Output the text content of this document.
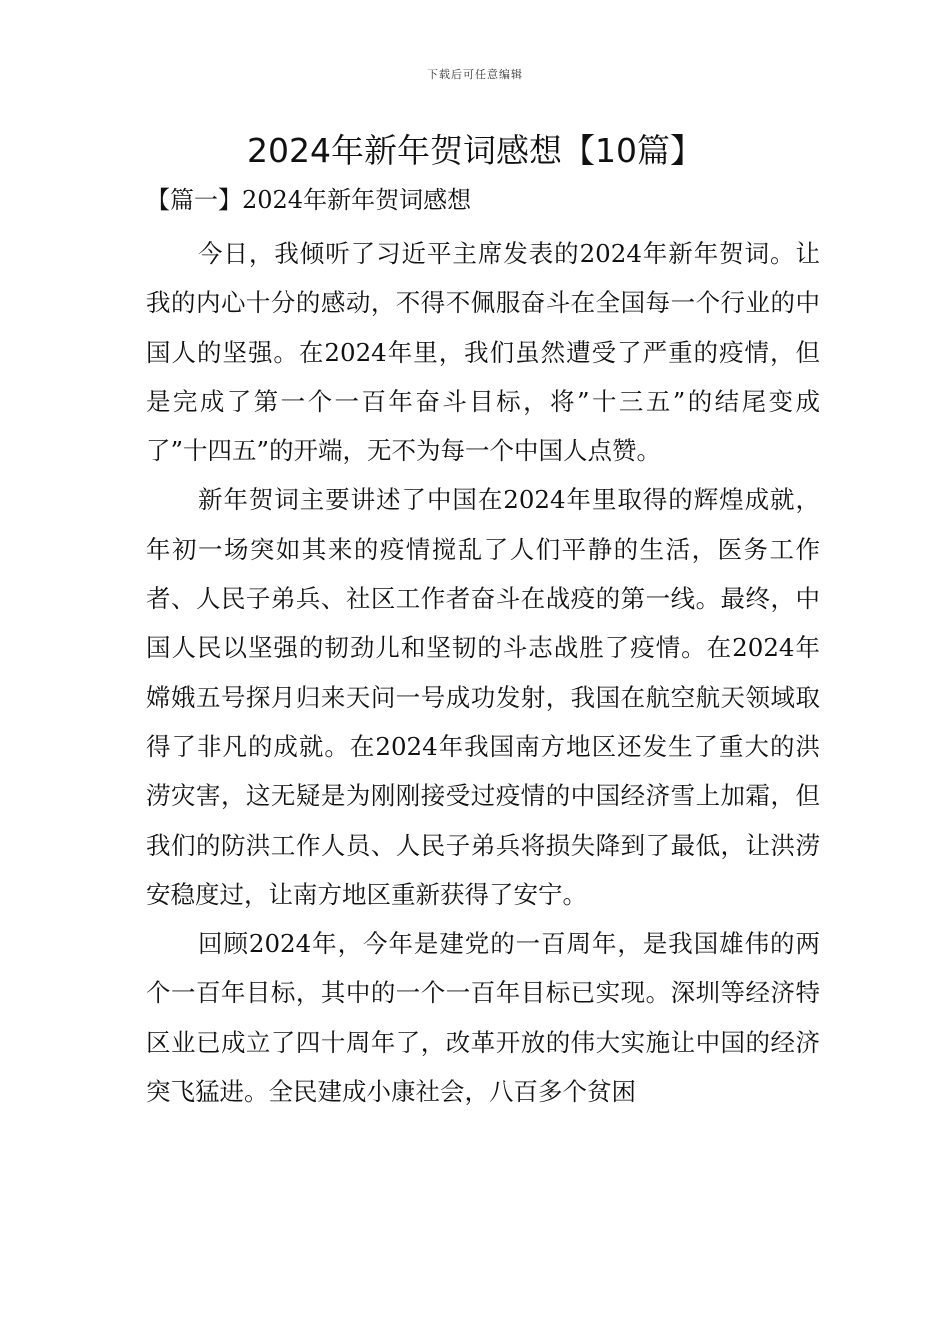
下载后可任意编辑
2024年新年贺词感想【10篇】
【篇一】2024年新年贺词感想

今日，我倾听了习近平主席发表的2024年新年贺词。让我的内心十分的感动，不得不佩服奋斗在全国每一个行业的中国人的坚强。在2024年里，我们虽然遭受了严重的疫情，但是完成了第一个一百年奋斗目标，将”十三五”的结尾变成了”十四五”的开端，无不为每一个中国人点赞。

新年贺词主要讲述了中国在2024年里取得的辉煌成就，年初一场突如其来的疫情搅乱了人们平静的生活，医务工作者、人民子弟兵、社区工作者奋斗在战疫的第一线。最终，中国人民以坚强的韧劲儿和坚韧的斗志战胜了疫情。在2024年嫦娥五号探月归来天问一号成功发射，我国在航空航天领域取得了非凡的成就。在2024年我国南方地区还发生了重大的洪涝灾害，这无疑是为刚刚接受过疫情的中国经济雪上加霜，但我们的防洪工作人员、人民子弟兵将损失降到了最低，让洪涝安稳度过，让南方地区重新获得了安宁。

回顾2024年，今年是建党的一百周年，是我国雄伟的两个一百年目标，其中的一个一百年目标已实现。深圳等经济特区业已成立了四十周年了，改革开放的伟大实施让中国的经济突飞猛进。全民建成小康社会，八百多个贫困
